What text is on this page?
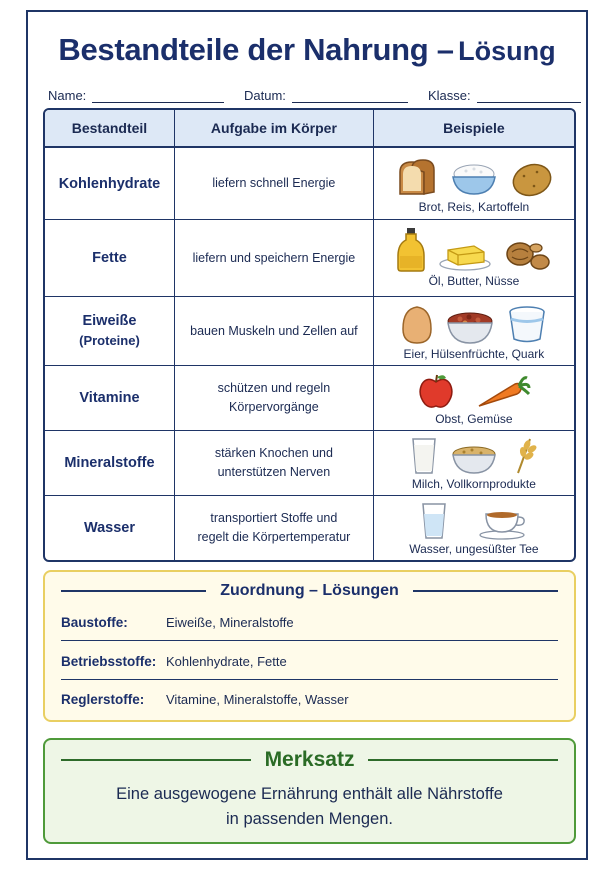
Bestandteile der Nahrung – Lösung
Name:	Datum:	Klasse:
Bestandteil	Aufgabe im Körper	Beispiele
Kohlenhydrate	liefern schnell Energie	Brot, Reis, Kartoffeln

Fette	liefern und speichern Energie	Öl, Butter, Nüsse

Eiweiße
(Proteine)	bauen Muskeln und Zellen auf	Eier, Hülsenfrüchte, Quark

Vitamine	schützen und regeln
Körpervorgänge	Obst, Gemüse

Mineralstoffe	stärken Knochen und
unterstützen Nerven	Milch, Vollkornprodukte

Wasser	transportiert Stoffe und
regelt die Körpertemperatur	Wasser, ungesüßter Tee
Zuordnung – Lösungen
Baustoffe:	Eiweiße, Mineralstoffe
Betriebsstoffe: Kohlenhydrate, Fette
Reglerstoffe:	Vitamine, Mineralstoffe, Wasser
Merksatz
Eine ausgewogene Ernährung enthält alle Nährstoffe
in passenden Mengen.
